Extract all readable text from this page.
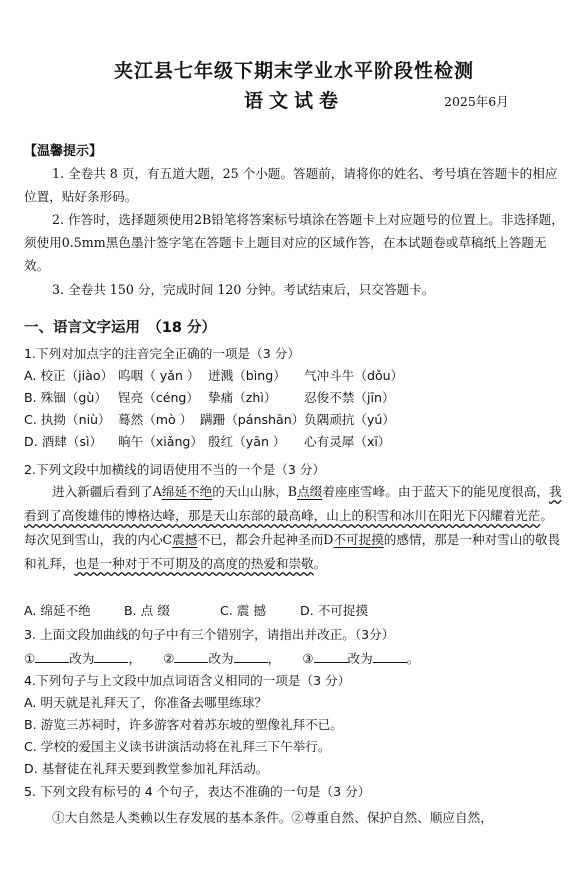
夹江县七年级下期末学业水平阶段性检测
语文试卷	2025年6月
【温馨提示】
1. 全卷共 8 页，有五道大题，25 个小题。答题前，请将你的姓名、考号填在答题卡的相应位置，贴好条形码。
2. 作答时，选择题须使用2B铅笔将答案标号填涂在答题卡上对应题号的位置上。非选择题，须使用0.5mm黑色墨汁签字笔在答题卡上题目对应的区域作答，在本试题卷或草稿纸上答题无效。
3. 全卷共 150 分，完成时间 120 分钟。考试结束后，只交答题卡。
一、语言文字运用　（18 分）
1.下列对加点字的注音完全正确的一项是（3 分）
A. 校正（jiào） 呜咽（ yǎn ） 迸溅（bìng） 气冲斗牛（dǒu）
B. 殊锢（gù） 锃亮（céng） 挚痛（zhì） 忍俊不禁（jīn）
C. 执拗（niù） 蓦然（mò ） 蹒跚（pánshān） 负隅顽抗（yú）
D. 酒肆（sì） 晌午（xiǎng） 殷红（yān ） 心有灵犀（xī）
2.下列文段中加横线的词语使用不当的一个是（3 分）
进入新疆后看到了A绵延不绝的天山山脉，B点缀着座座雪峰。由于蓝天下的能见度很高，我看到了高俊雄伟的博格达峰，那是天山东部的最高峰，山上的积雪和冰川在阳光下闪耀着光茫。每次见到雪山，我的内心C震撼不已，都会升起神圣而D不可捉摸的感情，那是一种对雪山的敬畏和礼拜，也是一种对于不可期及的高度的热爱和崇敬。
A. 绵延不绝	B. 点 缀	C. 震 撼	D. 不可捉摸
3. 上面文段加曲线的句子中有三个错别字，请指出并改正。（3分）
①	改为	， ②	改为	， ③	改为	。
4.下列句子与上文段中加点词语含义相同的一项是（3 分）
A. 明天就是礼拜天了，你准备去哪里练球？
B. 游览三苏祠时，许多游客对着苏东坡的塑像礼拜不已。
C. 学校的爱国主义读书讲演活动将在礼拜三下午举行。
D. 基督徒在礼拜天要到教堂参加礼拜活动。
5. 下列文段有标号的 4 个句子，表达不准确的一句是（3 分）
①大自然是人类赖以生存发展的基本条件。②尊重自然、保护自然、顺应自然，
